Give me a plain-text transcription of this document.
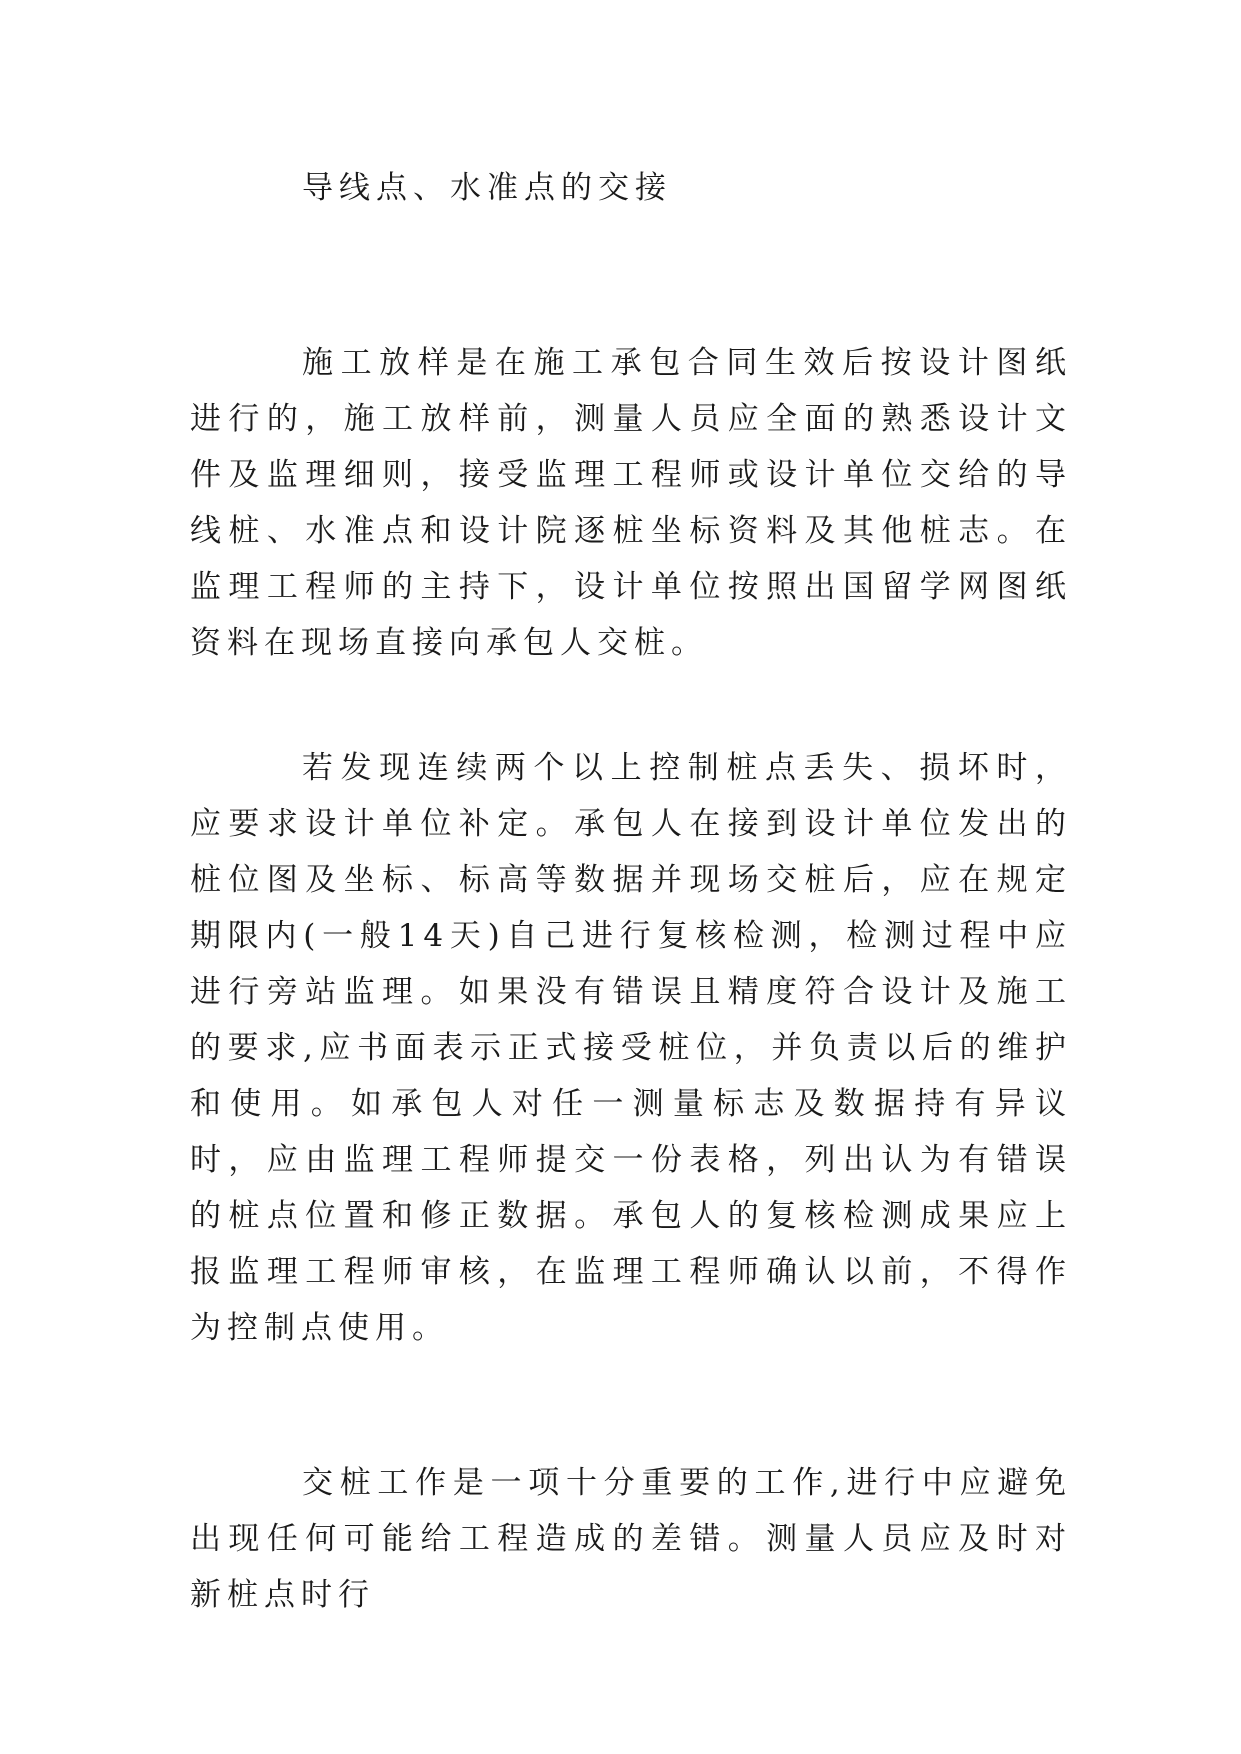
导线点、水准点的交接

施工放样是在施工承包合同生效后按设计图纸进行的，施工放样前，测量人员应全面的熟悉设计文件及监理细则，接受监理工程师或设计单位交给的导线桩、水准点和设计院逐桩坐标资料及其他桩志。在监理工程师的主持下，设计单位按照出国留学网图纸资料在现场直接向承包人交桩。

若发现连续两个以上控制桩点丢失、损坏时，应要求设计单位补定。承包人在接到设计单位发出的桩位图及坐标、标高等数据并现场交桩后，应在规定期限内(一般14天)自己进行复核检测，检测过程中应进行旁站监理。如果没有错误且精度符合设计及施工的要求,应书面表示正式接受桩位，并负责以后的维护和使用。如承包人对任一测量标志及数据持有异议时，应由监理工程师提交一份表格，列出认为有错误的桩点位置和修正数据。承包人的复核检测成果应上报监理工程师审核，在监理工程师确认以前，不得作为控制点使用。

交桩工作是一项十分重要的工作,进行中应避免出现任何可能给工程造成的差错。测量人员应及时对新桩点时行
